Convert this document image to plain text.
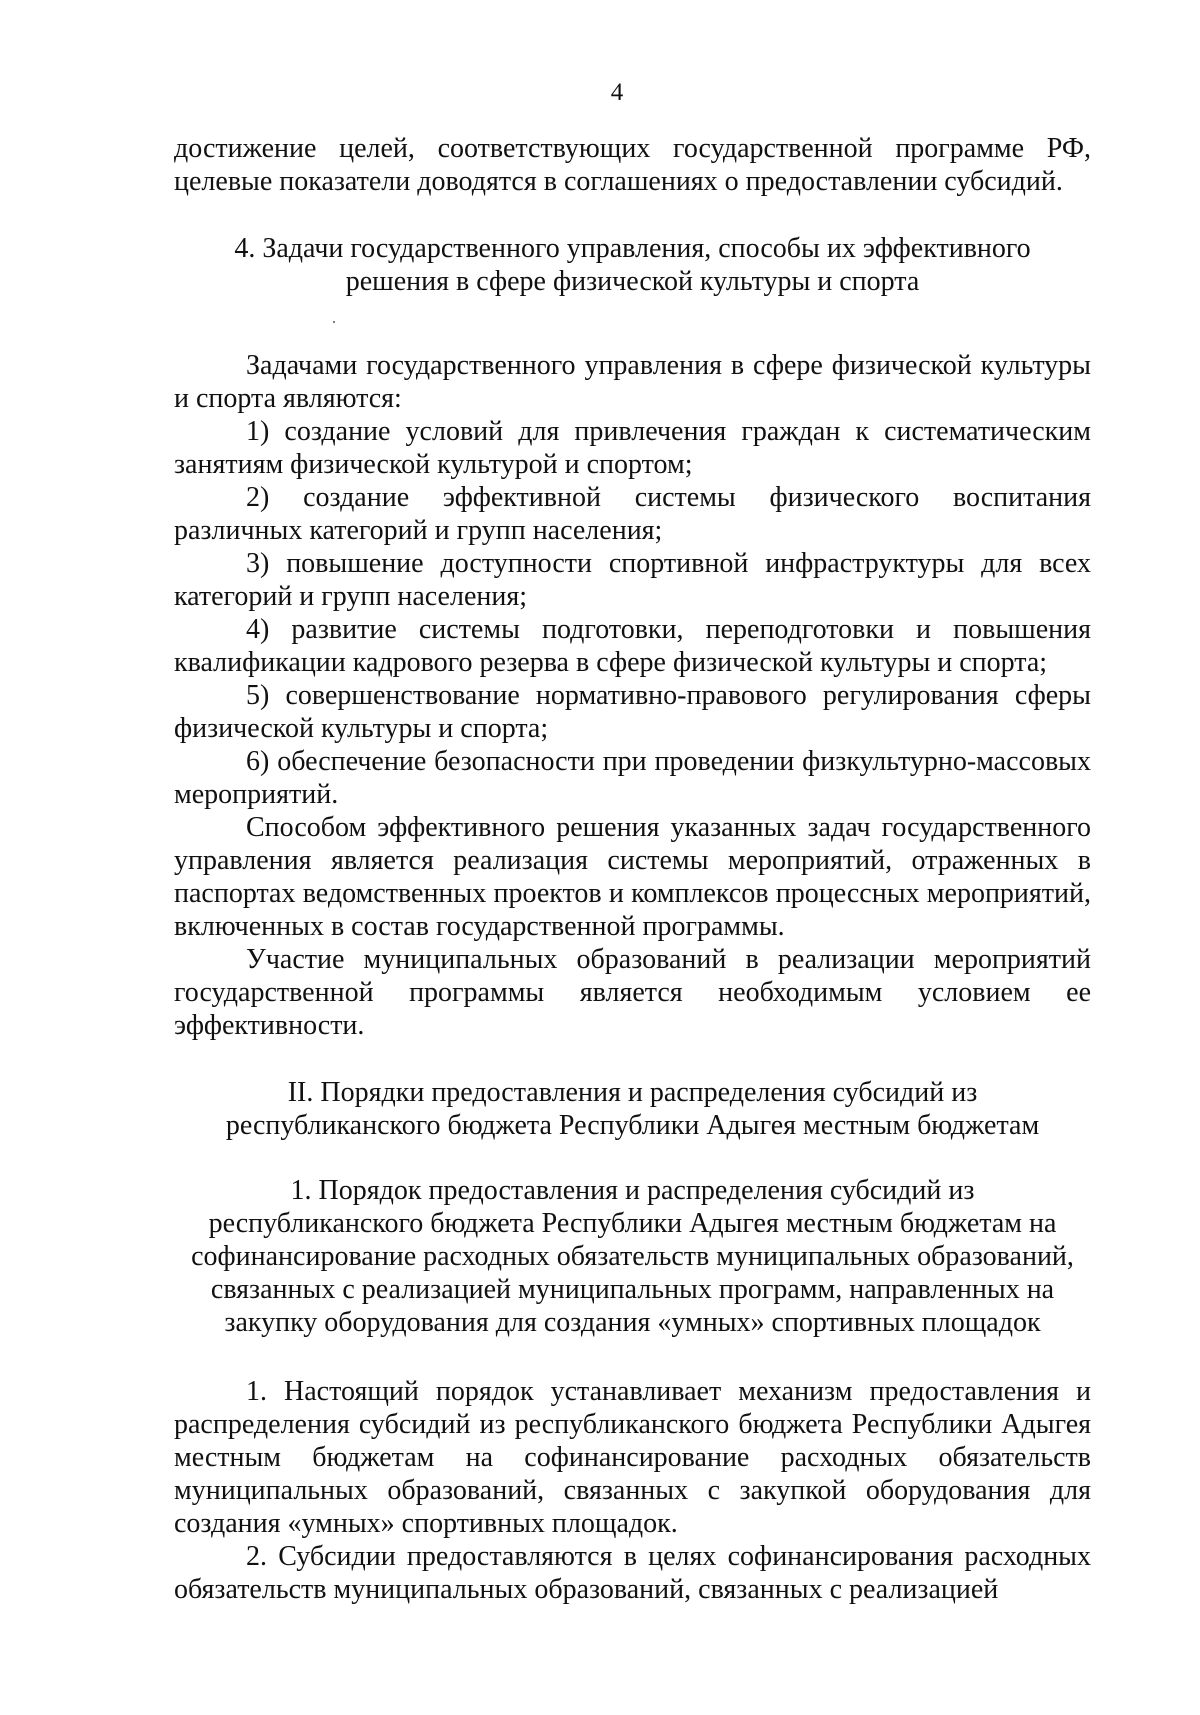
4

достижение целей, соответствующих государственной программе РФ, целевые показатели доводятся в соглашениях о предоставлении субсидий.

4. Задачи государственного управления, способы их эффективного
решения в сфере физической культуры и спорта

Задачами государственного управления в сфере физической культуры и спорта являются:

1) создание условий для привлечения граждан к систематическим занятиям физической культурой и спортом;

2) создание эффективной системы физического воспитания различных категорий и групп населения;

3) повышение доступности спортивной инфраструктуры для всех категорий и групп населения;

4) развитие системы подготовки, переподготовки и повышения квалификации кадрового резерва в сфере физической культуры и спорта;

5) совершенствование нормативно-правового регулирования сферы физической культуры и спорта;

6) обеспечение безопасности при проведении физкультурно-массовых мероприятий.

Способом эффективного решения указанных задач государственного управления является реализация системы мероприятий, отраженных в паспортах ведомственных проектов и комплексов процессных мероприятий, включенных в состав государственной программы.

Участие муниципальных образований в реализации мероприятий государственной программы является необходимым условием ее эффективности.

II. Порядки предоставления и распределения субсидий из
республиканского бюджета Республики Адыгея местным бюджетам
1. Порядок предоставления и распределения субсидий из
республиканского бюджета Республики Адыгея местным бюджетам на
софинансирование расходных обязательств муниципальных образований,
связанных с реализацией муниципальных программ, направленных на
закупку оборудования для создания «умных» спортивных площадок

1. Настоящий порядок устанавливает механизм предоставления и распределения субсидий из республиканского бюджета Республики Адыгея местным бюджетам на софинансирование расходных обязательств муниципальных образований, связанных с закупкой оборудования для создания «умных» спортивных площадок.

2. Субсидии предоставляются в целях софинансирования расходных обязательств муниципальных образований, связанных с реализацией
